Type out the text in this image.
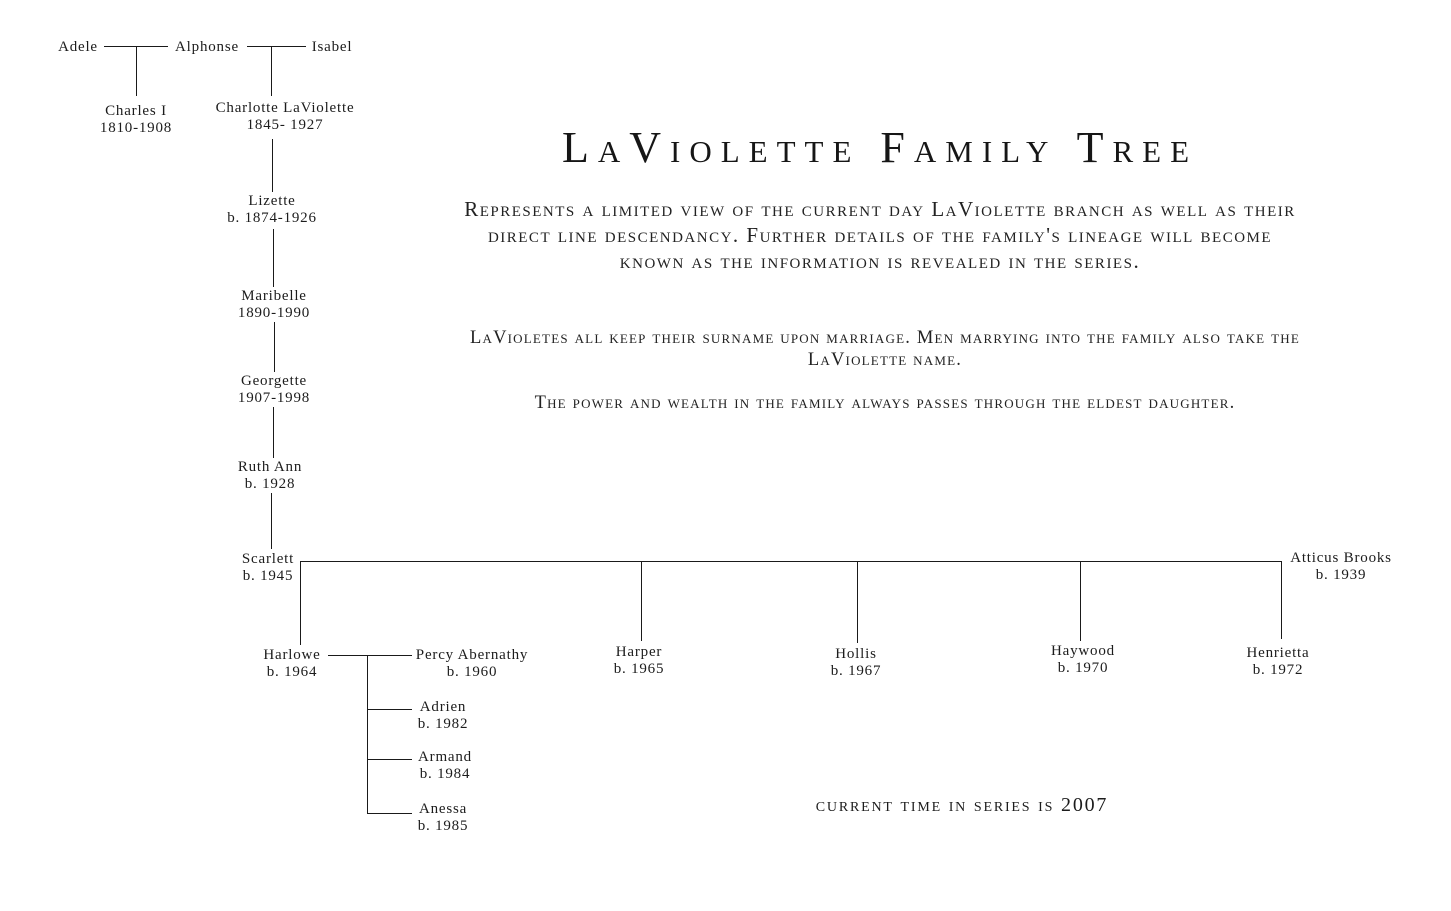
LaViolette Family Tree
Represents a limited view of the current day LaViolette branch as well as their direct line descendancy. Further details of the family's lineage will become known as the information is revealed in the series.
LaVioletes all keep their surname upon marriage. Men marrying into the family also take the LaViolette name.
The power and wealth in the family always passes through the eldest daughter.
current time in series is 2007
Adele	Alphonse	Isabel
Charles I
1810-1908
Charlotte LaViolette
1845- 1927
Lizette
b. 1874-1926
Maribelle
1890-1990
Georgette
1907-1998
Ruth Ann
b. 1928
Scarlett
b. 1945
Atticus Brooks
b. 1939
Harlowe
b. 1964
Percy Abernathy
b. 1960
Harper
b. 1965
Hollis
b. 1967
Haywood
b. 1970
Henrietta
b. 1972
Adrien
b. 1982
Armand
b. 1984
Anessa
b. 1985
